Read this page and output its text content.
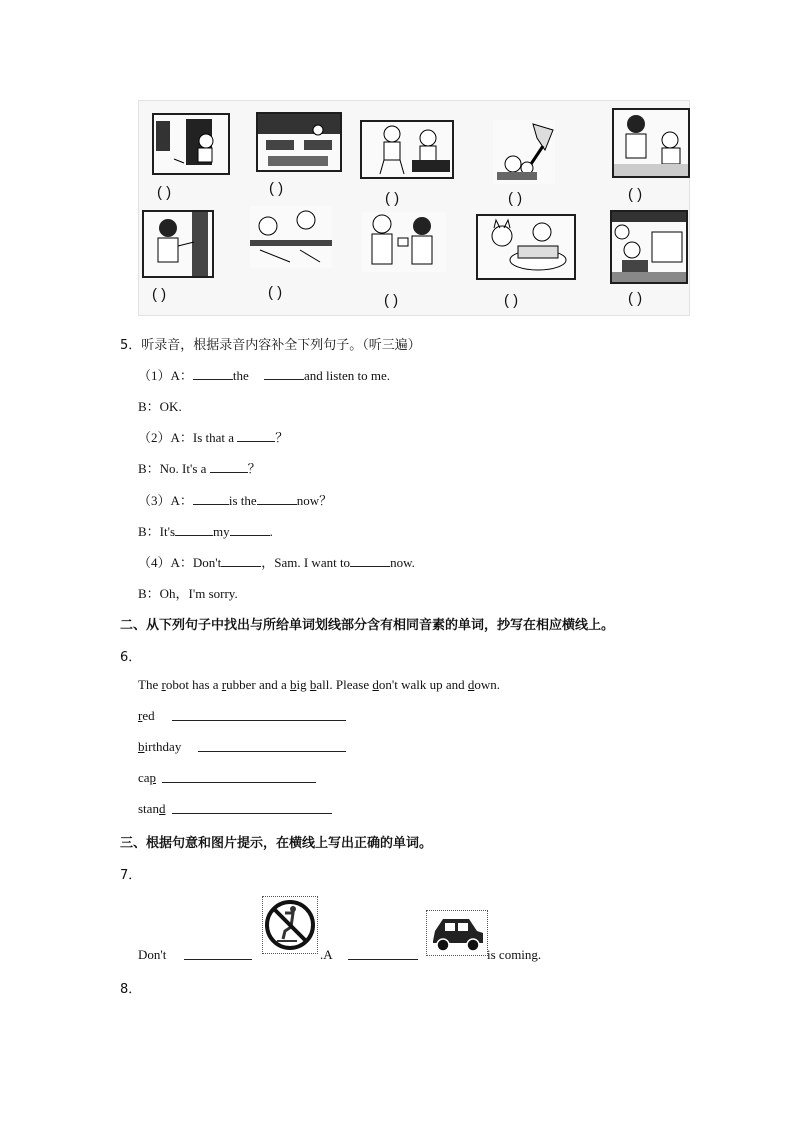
( )	( )
( )	( )	( )
( )	( )	( )	( )	( )
5．听录音，根据录音内容补全下列句子。（听三遍）
（1）A：	the	and listen to me.
B：OK.
（2）A：Is that a	？
B：No. It's a	？
（3）A：	is the	now？
B：It's	my	.
（4）A：Don't	，Sam. I want to	now.
B：Oh，I'm sorry.
二、从下列句子中找出与所给单词划线部分含有相同音素的单词，抄写在相应横线上。
6．
The robot has a rubber and a big ball. Please don't walk up and down.
red
birthday
cap
stand
三、根据句意和图片提示，在横线上写出正确的单词。
7．
Don't	.A	is coming.
8．
